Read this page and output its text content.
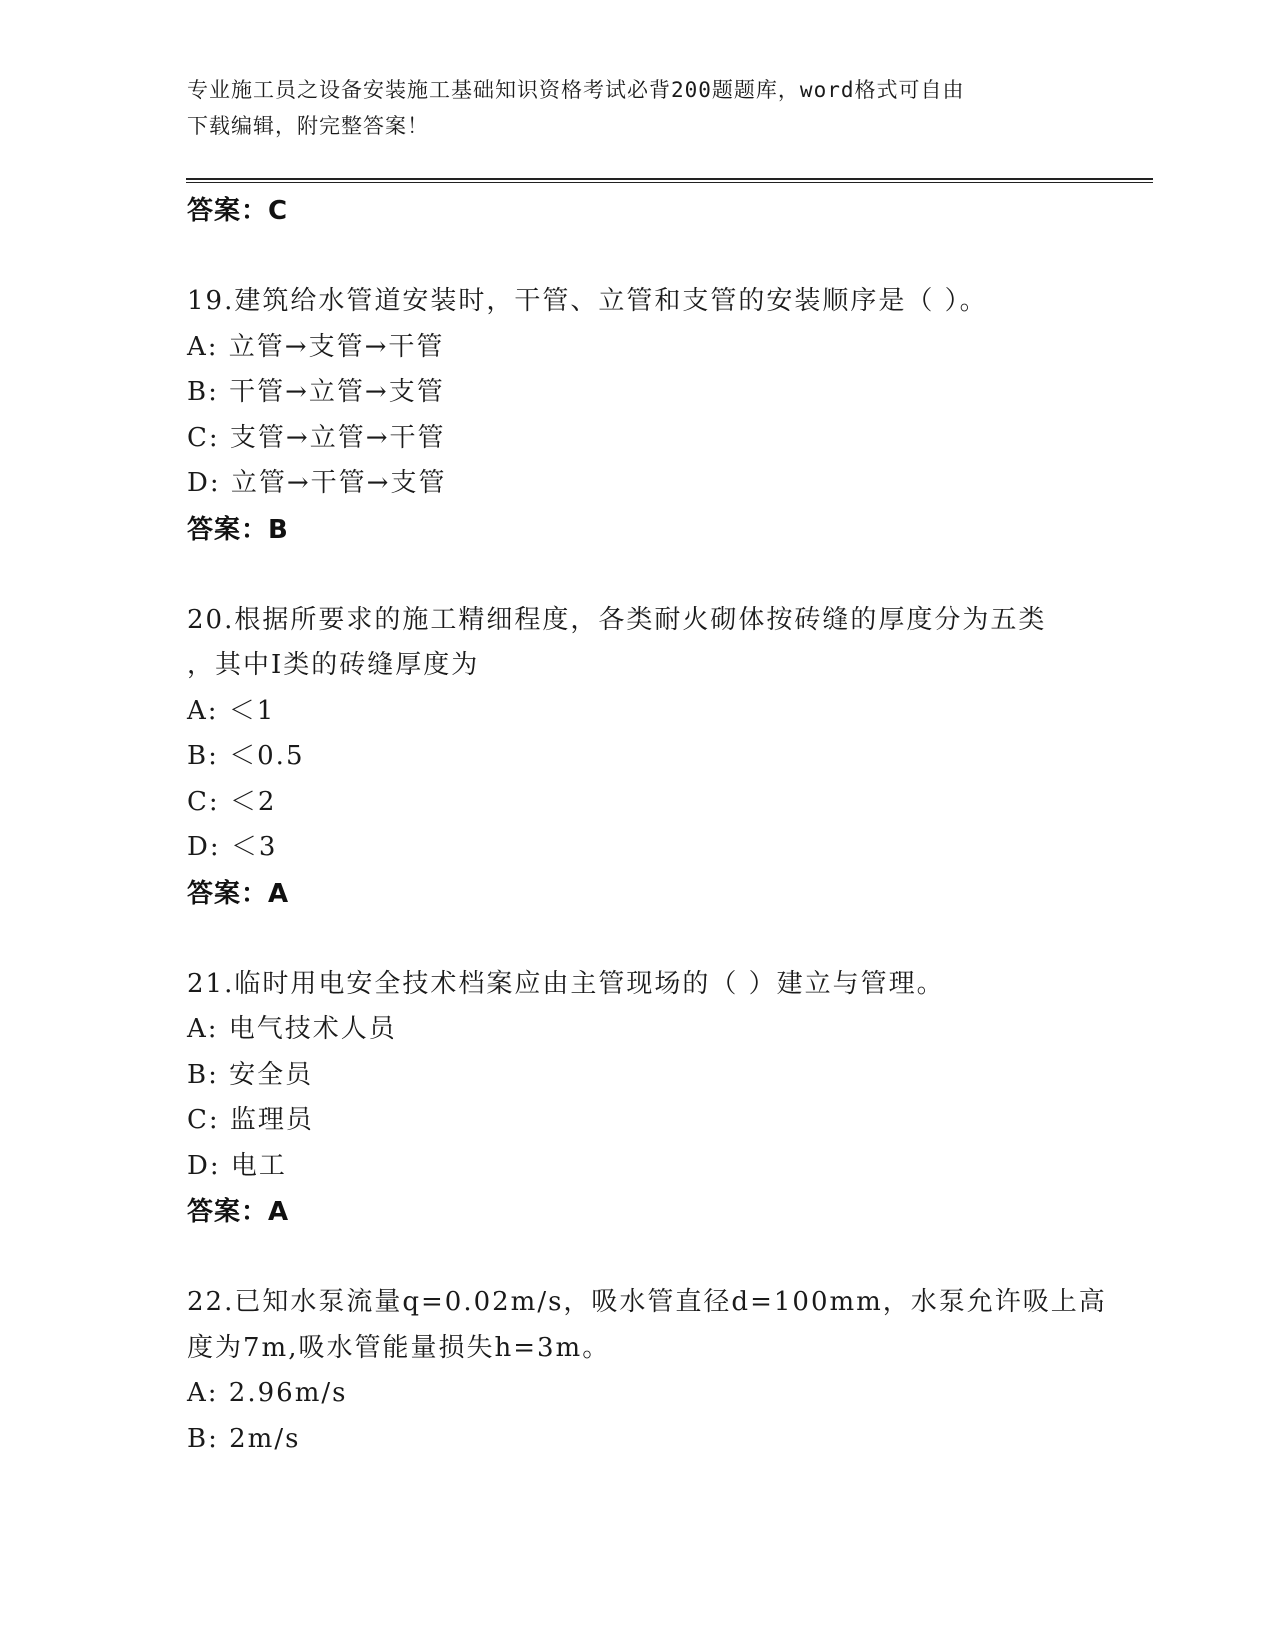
专业施工员之设备安装施工基础知识资格考试必背200题题库，word格式可自由
下载编辑，附完整答案！
答案：C
19.建筑给水管道安装时，干管、立管和支管的安装顺序是（ ）。
A: 立管→支管→干管
B: 干管→立管→支管
C: 支管→立管→干管
D: 立管→干管→支管
答案：B
20.根据所要求的施工精细程度，各类耐火砌体按砖缝的厚度分为五类
，其中Ⅰ类的砖缝厚度为
A: ＜1
B: ＜0.5
C: ＜2
D: ＜3
答案：A
21.临时用电安全技术档案应由主管现场的（ ）建立与管理。
A: 电气技术人员
B: 安全员
C: 监理员
D: 电工
答案：A
22.已知水泵流量q=0.02m/s，吸水管直径d=100mm，水泵允许吸上高
度为7m,吸水管能量损失h=3m。
A: 2.96m/s
B: 2m/s
